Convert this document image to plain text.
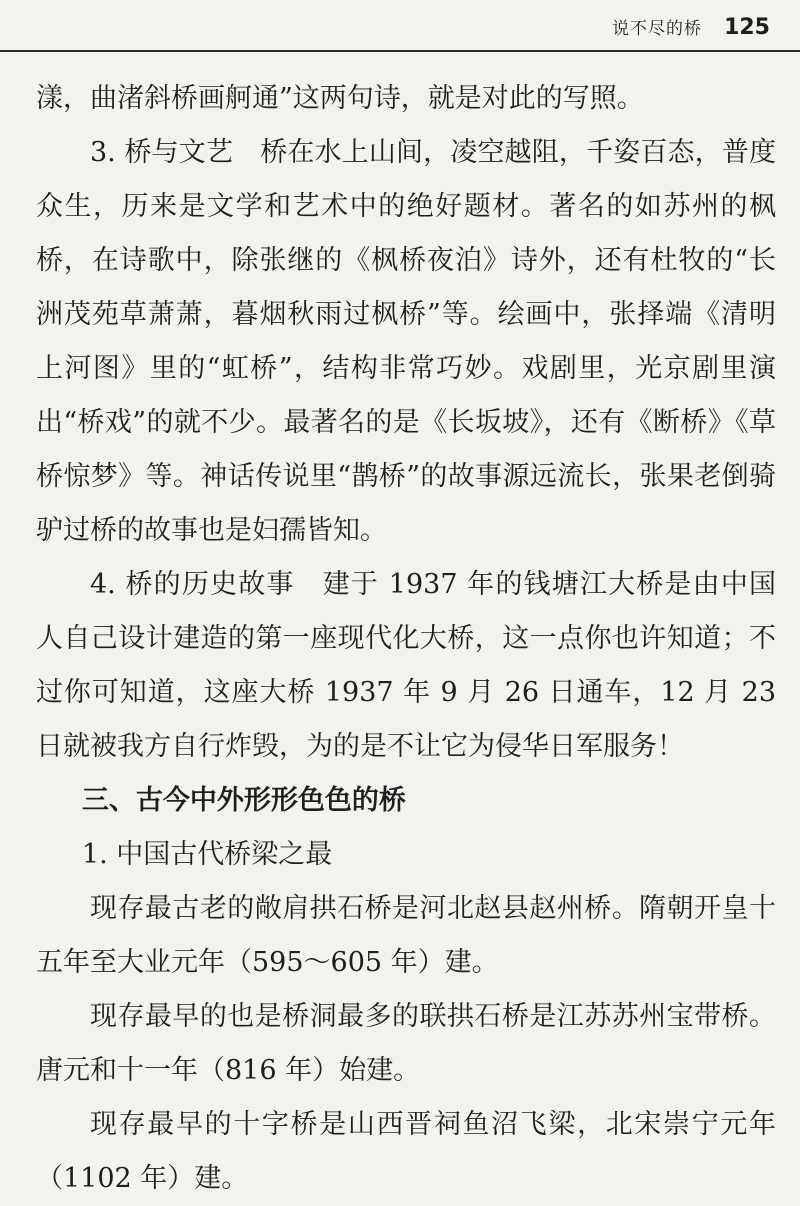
说不尽的桥 125

漾，曲渚斜桥画舸通”这两句诗，就是对此的写照。

3. 桥与文艺　桥在水上山间，凌空越阻，千姿百态，普度众生，历来是文学和艺术中的绝好题材。著名的如苏州的枫桥，在诗歌中，除张继的《枫桥夜泊》诗外，还有杜牧的“长洲茂苑草萧萧，暮烟秋雨过枫桥”等。绘画中，张择端《清明上河图》里的“虹桥”，结构非常巧妙。戏剧里，光京剧里演出“桥戏”的就不少。最著名的是《长坂坡》，还有《断桥》《草桥惊梦》等。神话传说里“鹊桥”的故事源远流长，张果老倒骑驴过桥的故事也是妇孺皆知。

4. 桥的历史故事　建于 1937 年的钱塘江大桥是由中国人自己设计建造的第一座现代化大桥，这一点你也许知道；不过你可知道，这座大桥 1937 年 9 月 26 日通车，12 月 23 日就被我方自行炸毁，为的是不让它为侵华日军服务！

三、古今中外形形色色的桥

1. 中国古代桥梁之最

现存最古老的敞肩拱石桥是河北赵县赵州桥。隋朝开皇十五年至大业元年（595～605 年）建。

现存最早的也是桥洞最多的联拱石桥是江苏苏州宝带桥。唐元和十一年（816 年）始建。

现存最早的十字桥是山西晋祠鱼沼飞梁，北宋崇宁元年（1102 年）建。
